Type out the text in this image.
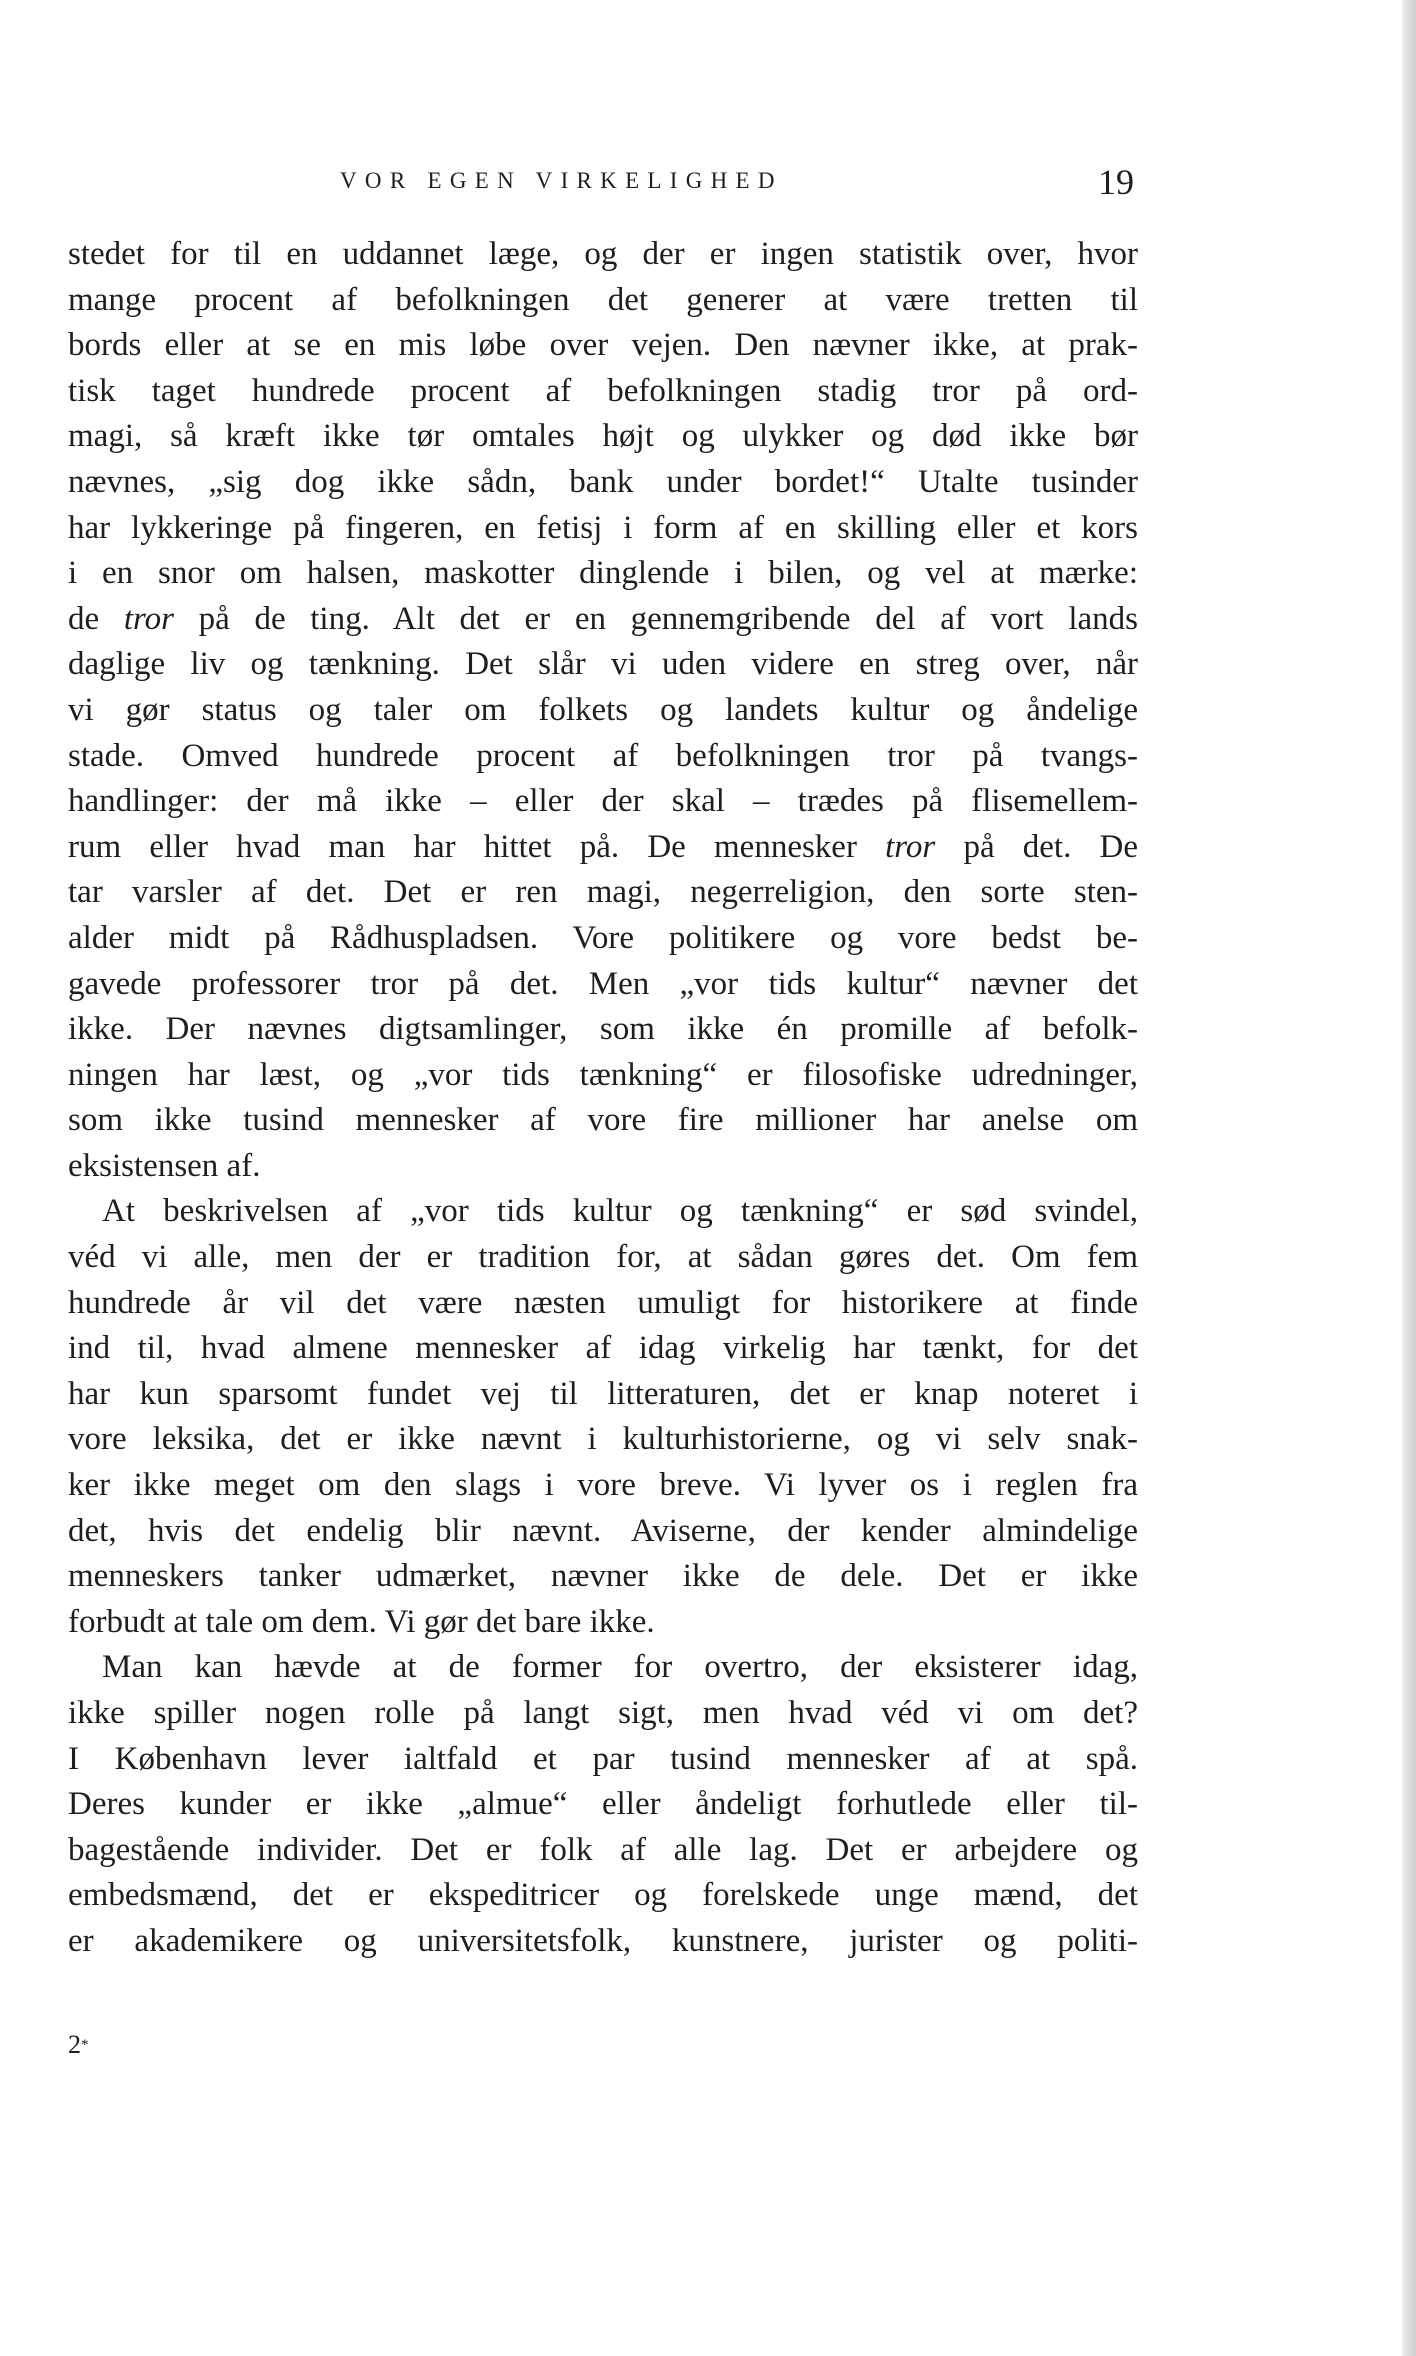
VOR EGEN VIRKELIGHED	19
stedet for til en uddannet læge, og der er ingen statistik over, hvor
mange procent af befolkningen det generer at være tretten til
bords eller at se en mis løbe over vejen. Den nævner ikke, at prak-
tisk taget hundrede procent af befolkningen stadig tror på ord-
magi, så kræft ikke tør omtales højt og ulykker og død ikke bør
nævnes, „sig dog ikke sådn, bank under bordet!“ Utalte tusinder
har lykkeringe på fingeren, en fetisj i form af en skilling eller et kors
i en snor om halsen, maskotter dinglende i bilen, og vel at mærke:
de tror på de ting. Alt det er en gennemgribende del af vort lands
daglige liv og tænkning. Det slår vi uden videre en streg over, når
vi gør status og taler om folkets og landets kultur og åndelige
stade. Omved hundrede procent af befolkningen tror på tvangs-
handlinger: der må ikke – eller der skal – trædes på flisemellem-
rum eller hvad man har hittet på. De mennesker tror på det. De
tar varsler af det. Det er ren magi, negerreligion, den sorte sten-
alder midt på Rådhuspladsen. Vore politikere og vore bedst be-
gavede professorer tror på det. Men „vor tids kultur“ nævner det
ikke. Der nævnes digtsamlinger, som ikke én promille af befolk-
ningen har læst, og „vor tids tænkning“ er filosofiske udredninger,
som ikke tusind mennesker af vore fire millioner har anelse om
eksistensen af.
At beskrivelsen af „vor tids kultur og tænkning“ er sød svindel,
véd vi alle, men der er tradition for, at sådan gøres det. Om fem
hundrede år vil det være næsten umuligt for historikere at finde
ind til, hvad almene mennesker af idag virkelig har tænkt, for det
har kun sparsomt fundet vej til litteraturen, det er knap noteret i
vore leksika, det er ikke nævnt i kulturhistorierne, og vi selv snak-
ker ikke meget om den slags i vore breve. Vi lyver os i reglen fra
det, hvis det endelig blir nævnt. Aviserne, der kender almindelige
menneskers tanker udmærket, nævner ikke de dele. Det er ikke
forbudt at tale om dem. Vi gør det bare ikke.
Man kan hævde at de former for overtro, der eksisterer idag,
ikke spiller nogen rolle på langt sigt, men hvad véd vi om det?
I København lever ialtfald et par tusind mennesker af at spå.
Deres kunder er ikke „almue“ eller åndeligt forhutlede eller til-
bagestående individer. Det er folk af alle lag. Det er arbejdere og
embedsmænd, det er ekspeditricer og forelskede unge mænd, det
er akademikere og universitetsfolk, kunstnere, jurister og politi-
2*
